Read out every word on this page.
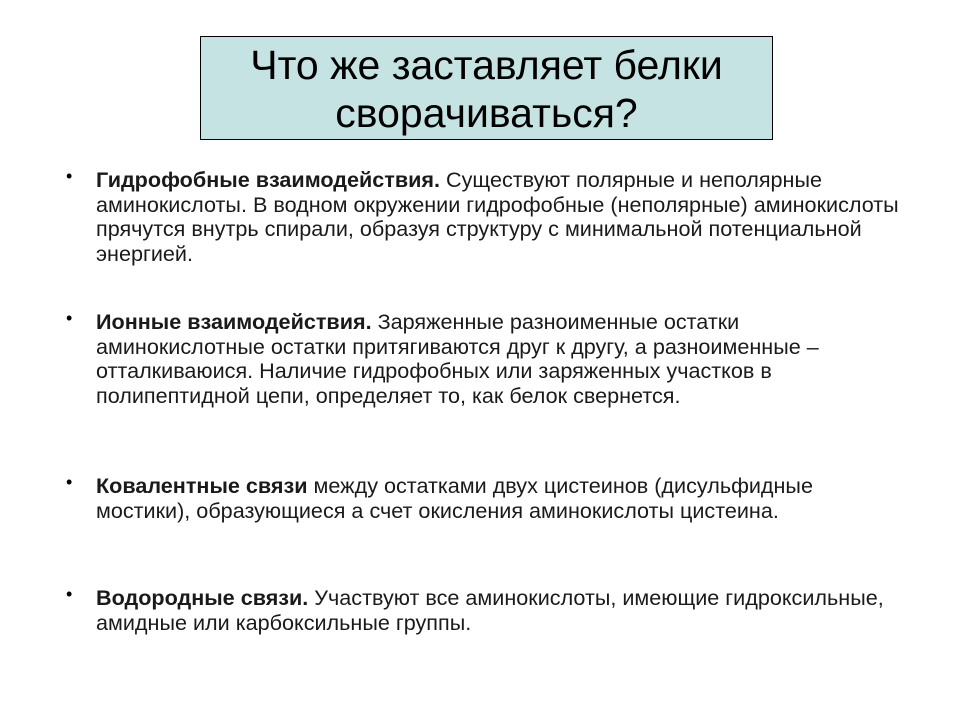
Что же заставляет белки
сворачиваться?
• Гидрофобные взаимодействия. Существуют полярные и неполярные аминокислоты. В водном окружении гидрофобные (неполярные) аминокислоты прячутся внутрь спирали, образуя структуру с минимальной потенциальной энергией.
• Ионные взаимодействия. Заряженные разноименные остатки аминокислотные остатки притягиваются друг к другу, а разноименные – отталкиваюися. Наличие гидрофобных или заряженных участков в полипептидной цепи, определяет то, как белок свернется.
• Ковалентные связи между остатками двух цистеинов (дисульфидные мостики), образующиеся а счет окисления аминокислоты цистеина.
• Водородные связи. Участвуют все аминокислоты, имеющие гидроксильные, амидные или карбоксильные группы.
